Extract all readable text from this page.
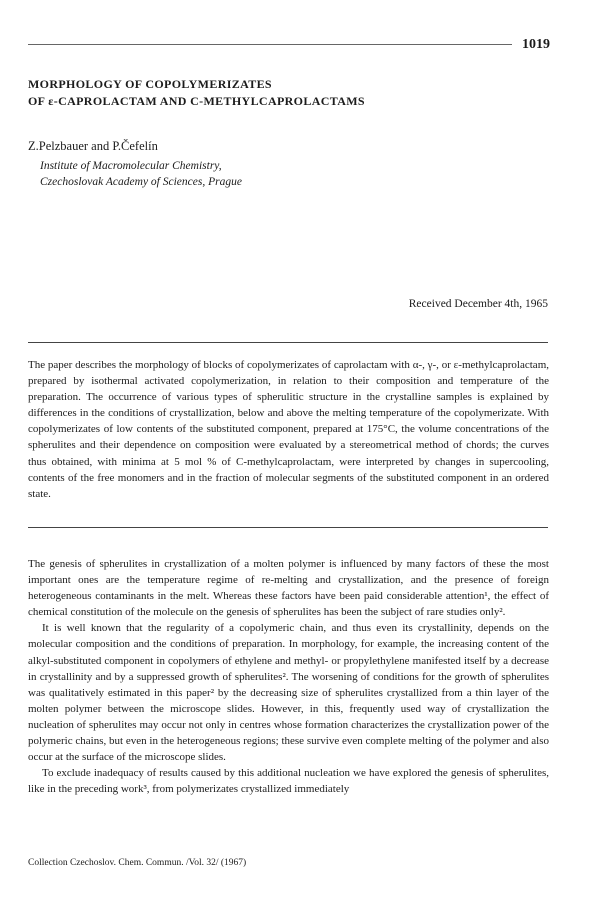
1019
MORPHOLOGY OF COPOLYMERIZATES
OF ε-CAPROLACTAM AND C-METHYLCAPROLACTAMS
Z.Pelzbauer and P.Čefelín
Institute of Macromolecular Chemistry,
Czechoslovak Academy of Sciences, Prague
Received December 4th, 1965

The paper describes the morphology of blocks of copolymerizates of caprolactam with α-, γ-, or ε-methylcaprolactam, prepared by isothermal activated copolymerization, in relation to their composition and temperature of the preparation. The occurrence of various types of spherulitic structure in the crystalline samples is explained by differences in the conditions of crystallization, below and above the melting temperature of the copolymerizate. With copolymerizates of low contents of the substituted component, prepared at 175°C, the volume concentrations of the spherulites and their dependence on composition were evaluated by a stereometrical method of chords; the curves thus obtained, with minima at 5 mol % of C-methylcaprolactam, were interpreted by changes in supercooling, contents of the free monomers and in the fraction of molecular segments of the substituted component in an ordered state.

The genesis of spherulites in crystallization of a molten polymer is influenced by many factors of these the most important ones are the temperature regime of re-melting and crystallization, and the presence of foreign heterogeneous contaminants in the melt. Whereas these factors have been paid considerable attention¹, the effect of chemical constitution of the molecule on the genesis of spherulites has been the subject of rare studies only².

It is well known that the regularity of a copolymeric chain, and thus even its crystallinity, depends on the molecular composition and the conditions of preparation. In morphology, for example, the increasing content of the alkyl-substituted component in copolymers of ethylene and methyl- or propylethylene manifested itself by a decrease in crystallinity and by a suppressed growth of spherulites². The worsening of conditions for the growth of spherulites was qualitatively estimated in this paper² by the decreasing size of spherulites crystallized from a thin layer of the molten polymer between the microscope slides. However, in this, frequently used way of crystallization the nucleation of spherulites may occur not only in centres whose formation characterizes the crystallization power of the polymeric chains, but even in the heterogeneous regions; these survive even complete melting of the polymer and also occur at the surface of the microscope slides.

To exclude inadequacy of results caused by this additional nucleation we have explored the genesis of spherulites, like in the preceding work³, from polymerizates crystallized immediately

Collection Czechoslov. Chem. Commun. /Vol. 32/ (1967)
